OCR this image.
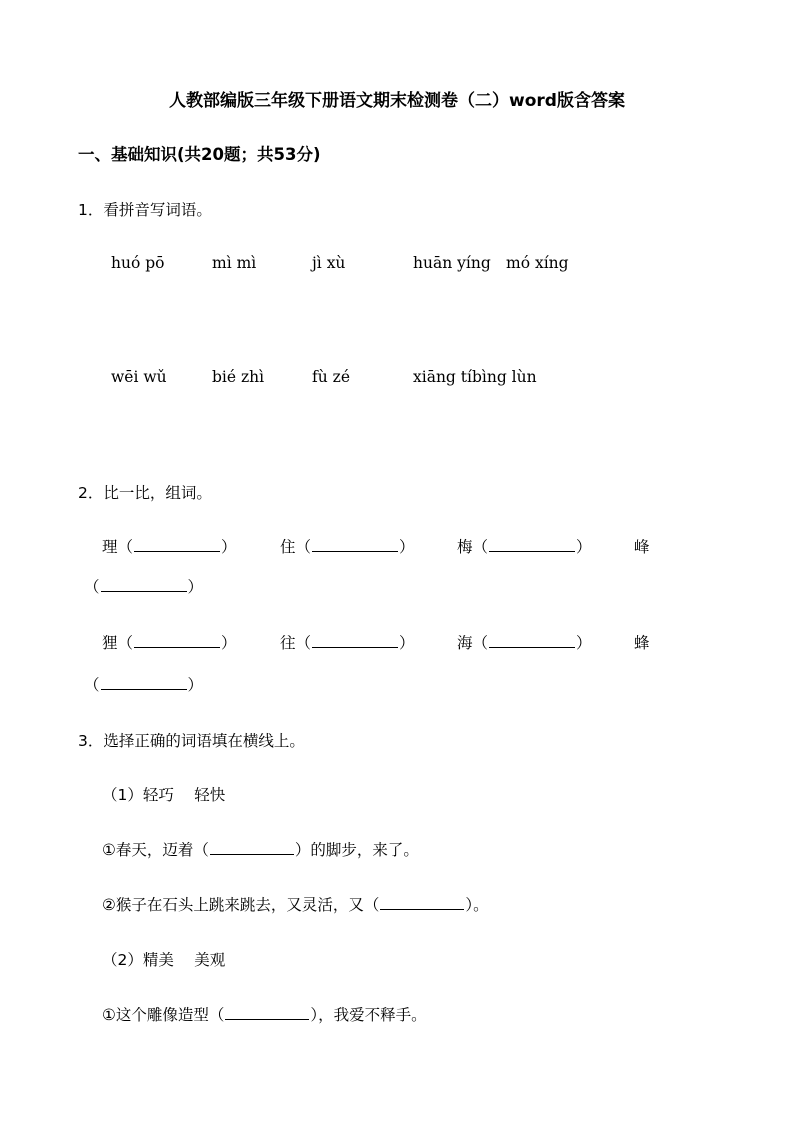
人教部编版三年级下册语文期末检测卷（二）word版含答案
一、基础知识(共20题；共53分)
1．看拼音写词语。
huó pō	mì mì	jì xù	huān yíng mó xíng
wēi wǔ	bié zhì	fù zé	xiāng tíbìng lùn
2．比一比，组词。
理（	）	住（	）	梅（	）	峰
（	）
狸（	）	往（	）	海（	）	蜂
（	）
3．选择正确的词语填在横线上。
（1）轻巧　 轻快
①春天，迈着（	）的脚步，来了。
②猴子在石头上跳来跳去，又灵活，又（	）。
（2）精美　 美观
①这个雕像造型（	），我爱不释手。
